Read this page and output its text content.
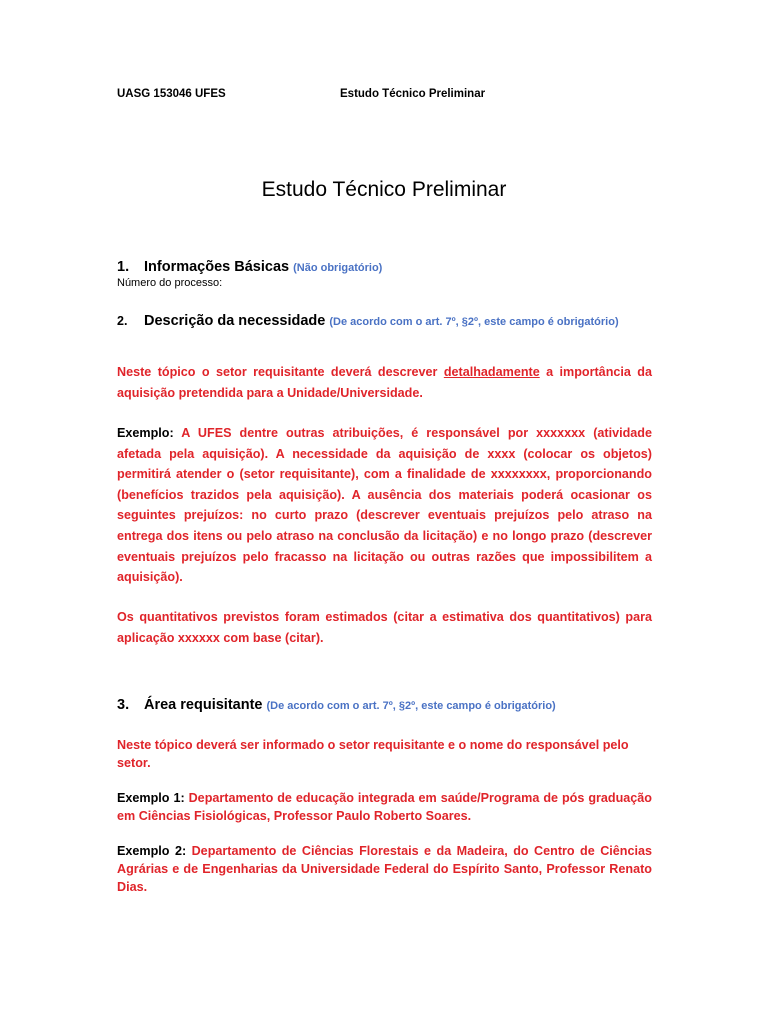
UASG 153046 UFES	Estudo Técnico Preliminar
Estudo Técnico Preliminar
1. Informações Básicas (Não obrigatório)
Número do processo:
2. Descrição da necessidade (De acordo com o art. 7º, §2º, este campo é obrigatório)
Neste tópico o setor requisitante deverá descrever detalhadamente a importância da aquisição pretendida para a Unidade/Universidade.
Exemplo: A UFES dentre outras atribuições, é responsável por xxxxxxx (atividade afetada pela aquisição). A necessidade da aquisição de xxxx (colocar os objetos) permitirá atender o (setor requisitante), com a finalidade de xxxxxxxx, proporcionando (benefícios trazidos pela aquisição). A ausência dos materiais poderá ocasionar os seguintes prejuízos: no curto prazo (descrever eventuais prejuízos pelo atraso na entrega dos itens ou pelo atraso na conclusão da licitação) e no longo prazo (descrever eventuais prejuízos pelo fracasso na licitação ou outras razões que impossibilitem a aquisição).
Os quantitativos previstos foram estimados (citar a estimativa dos quantitativos) para aplicação xxxxxx com base (citar).
3. Área requisitante (De acordo com o art. 7º, §2º, este campo é obrigatório)
Neste tópico deverá ser informado o setor requisitante e o nome do responsável pelo setor.
Exemplo 1: Departamento de educação integrada em saúde/Programa de pós graduação em Ciências Fisiológicas, Professor Paulo Roberto Soares.
Exemplo 2: Departamento de Ciências Florestais e da Madeira, do Centro de Ciências Agrárias e de Engenharias da Universidade Federal do Espírito Santo, Professor Renato Dias.
